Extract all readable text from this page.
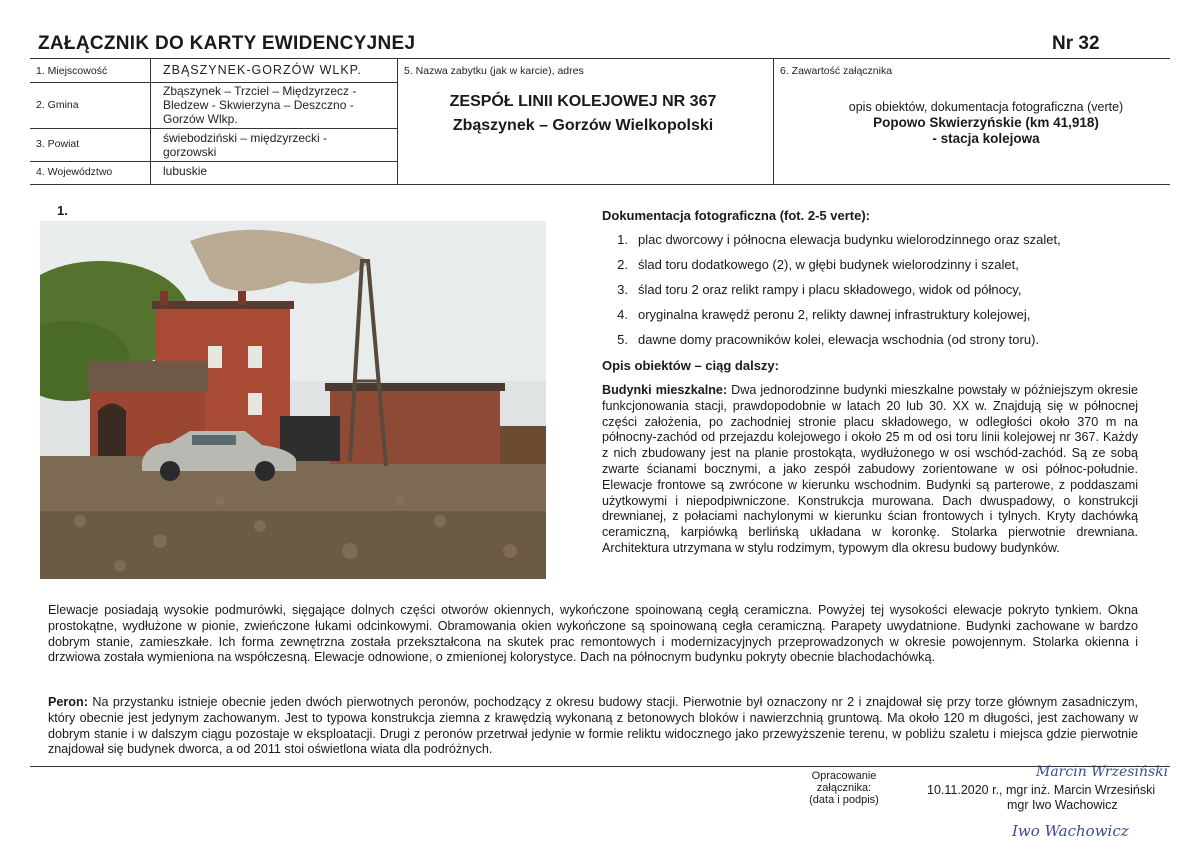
ZAŁĄCZNIK DO KARTY EWIDENCYJNEJ	Nr 32
1. Miejscowość	ZBĄSZYNEK-GORZÓW WLKP.
2. Gmina
Zbąszynek – Trzciel – Międzyrzecz -
Bledzew - Skwierzyna – Deszczno -
Gorzów Wlkp.
3. Powiat	świebodziński – międzyrzecki -
gorzowski
4. Województwo	lubuskie
5. Nazwa zabytku (jak w karcie), adres
ZESPÓŁ LINII KOLEJOWEJ NR 367
Zbąszynek – Gorzów Wielkopolski
6. Zawartość załącznika
opis obiektów, dokumentacja fotograficzna (verte)
Popowo Skwierzyńskie (km 41,918)
- stacja kolejowa
1.	Dokumentacja fotograficzna (fot. 2-5 verte):
1. plac dworcowy i północna elewacja budynku wielorodzinnego oraz szalet,
2. ślad toru dodatkowego (2), w głębi budynek wielorodzinny i szalet,
3. ślad toru 2 oraz relikt rampy i placu składowego, widok od północy,
4. oryginalna krawędź peronu 2, relikty dawnej infrastruktury kolejowej,
5. dawne domy pracowników kolei, elewacja wschodnia (od strony toru).
Opis obiektów – ciąg dalszy:
Budynki mieszkalne: Dwa jednorodzinne budynki mieszkalne powstały w późniejszym okresie funkcjonowania stacji, prawdopodobnie w latach 20 lub 30. XX w. Znajdują się w północnej części założenia, po zachodniej stronie placu składowego, w odległości około 370 m na północny-zachód od przejazdu kolejowego i około 25 m od osi toru linii kolejowej nr 367. Każdy z nich zbudowany jest na planie prostokąta, wydłużonego w osi wschód-zachód. Są ze sobą zwarte ścianami bocznymi, a jako zespół zabudowy zorientowane w osi północ-południe. Elewacje frontowe są zwrócone w kierunku wschodnim. Budynki są parterowe, z poddaszami użytkowymi i niepodpiwniczone. Konstrukcja murowana. Dach dwuspadowy, o konstrukcji drewnianej, z połaciami nachylonymi w kierunku ścian frontowych i tylnych. Kryty dachówką ceramiczną, karpiówką berlińską układana w koronkę. Stolarka pierwotnie drewniana. Architektura utrzymana w stylu rodzimym, typowym dla okresu budowy budynków.
Elewacje posiadają wysokie podmurówki, sięgające dolnych części otworów okiennych, wykończone spoinowaną cegłą ceramiczna. Powyżej tej wysokości elewacje pokryto tynkiem. Okna prostokątne, wydłużone w pionie, zwieńczone łukami odcinkowymi. Obramowania okien wykończone są spoinowaną cegła ceramiczną. Parapety uwydatnione. Budynki zachowane w bardzo dobrym stanie, zamieszkałe. Ich forma zewnętrzna została przekształcona na skutek prac remontowych i modernizacyjnych przeprowadzonych w okresie powojennym. Stolarka okienna i drzwiowa została wymieniona na współczesną. Elewacje odnowione, o zmienionej kolorystyce. Dach na północnym budynku pokryty obecnie blachodachówką.
Peron: Na przystanku istnieje obecnie jeden dwóch pierwotnych peronów, pochodzący z okresu budowy stacji. Pierwotnie był oznaczony nr 2 i znajdował się przy torze głównym zasadniczym, który obecnie jest jedynym zachowanym. Jest to typowa konstrukcja ziemna z krawędzią wykonaną z betonowych bloków i nawierzchnią gruntową. Ma około 120 m długości, jest zachowany w dobrym stanie i w dalszym ciągu pozostaje w eksploatacji. Drugi z peronów przetrwał jedynie w formie reliktu widocznego jako przewyższenie terenu, w pobliżu szaletu i miejsca gdzie pierwotnie znajdował się budynek dworca, a od 2011 stoi oświetlona wiata dla podróżnych.
Opracowanie załącznika:
(data i podpis)
Marcin Wrzesiński
10.11.2020 r., mgr inż. Marcin Wrzesiński
mgr Iwo Wachowicz
Iwo Wachowicz
